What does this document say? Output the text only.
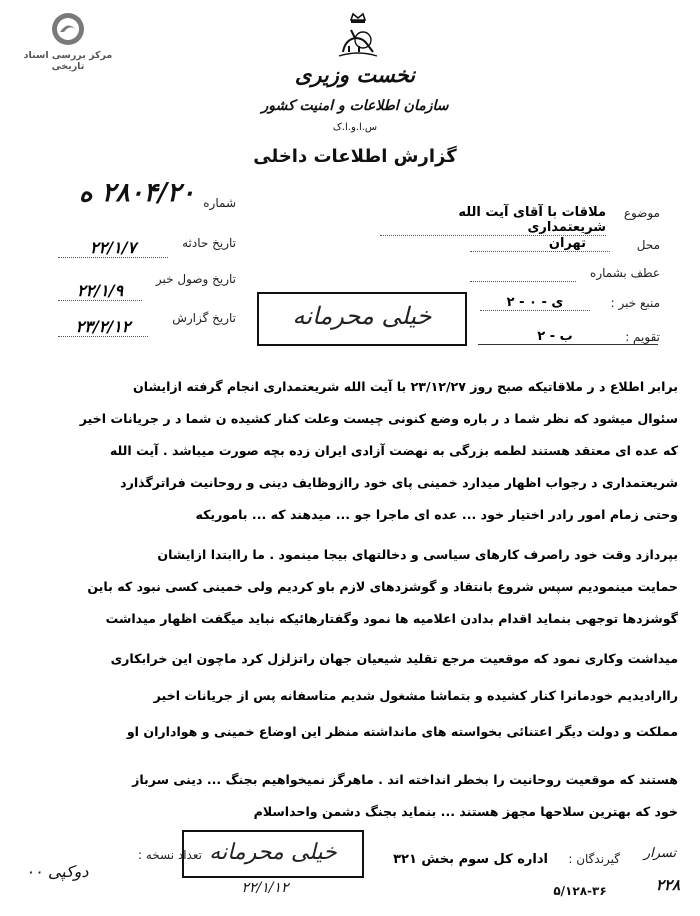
مرکز بررسی اسناد تاریخی	نخست وزیری
سازمان اطلاعات و امنیت کشور
س.ا.و.ا.ک
گزارش اطلاعات داخلی
شماره
۲۸۰۴/۲۰ ه
تاریخ حادثه
۲۲/۱/۷
تاریخ وصول خبر
۲۲/۱/۹
تاریخ گزارش
۲۳/۲/۱۲	خیلی محرمانه
موضوع
ملاقات با آقای آیت الله شریعتمداری
محل
تهران
عطف بشماره
منبع خبر :
ی - ۰ - ۲
تقویم :
ب - ۲
برابر اطلاع د ر ملاقاتیکه صبح روز ۲۳/۱۲/۲۷ با آیت الله شریعتمداری انجام گرفته ازایشان
سئوال میشود که نظر شما د ر باره وضع کنونی چیست وعلت کنار کشیده ن شما د ر جریانات اخیر
که عده ای معتقد هستند لطمه بزرگی به نهضت آزادی ایران زده بچه صورت میباشد . آیت الله
شریعتمداری د رجواب اظهار میدارد خمینی پای خود راازوظایف دینی و روحانیت فراترگذارد
وحتی زمام امور رادر اختیار خود ... عده ای ماجرا جو ... میدهند که ... باموریکه
بپردازد وقت خود راصرف کارهای سیاسی و دخالتهای بیجا مینمود . ما راابتدا ازایشان
حمایت مینمودیم سپس شروع بانتقاد و گوشزدهای لازم باو کردیم ولی خمینی کسی نبود که باین
گوشزدها توجهی بنماید اقدام بدادن اعلامیه ها نمود وگفتارهائیکه نباید میگفت اظهار میداشت
میداشت وکاری نمود که موقعیت مرجع تقلید شیعیان جهان راتزلزل کرد ماچون این خرابکاری
راارادیدیم خودمانرا کنار کشیده و بتماشا مشغول شدیم متاسفانه پس از جریانات اخیر
مملکت و دولت دیگر اعتنائی بخواسته های مانداشته منظر این اوضاع خمینی و هواداران او
هستند که موقعیت روحانیت را بخطر انداخته اند . ماهرگز نمیخواهیم بجنگ ... دینی سرباز
خود که بهترین سلاحها مجهز هستند ... بنماید بجنگ دشمن واحداسلام
تسرار
گیرندگان :
اداره کل سوم بخش ۳۲۱
تعداد نسخه : خیلی محرمانه
دوکپی ۰۰
۲۲/۱/۱۲	۵/۱۲۸-۳۶	۲۲۸
